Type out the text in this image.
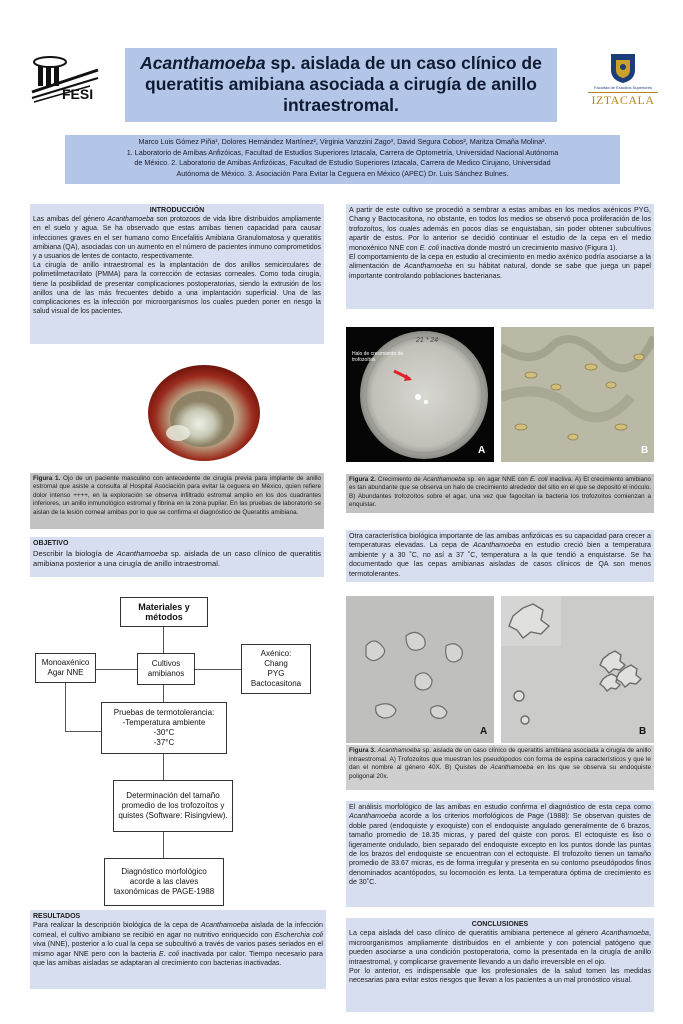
FESI
Acanthamoeba sp. aislada de un caso clínico de
queratitis amibiana asociada a cirugía de anillo
intraestromal.
Facultad de Estudios Superiores
IZTACALA
Marco Luis Gómez Piña¹, Dolores Hernández Martínez², Virginia Vanzzini Zago³, David Segura Cobos², Maritza Omaña Molina².
1. Laboratorio de Amibas Anfizóicas, Facultad de Estudios Superiores Iztacala, Carrera de Optometría, Universidad Nacional Autónoma
de México. 2. Laboratorio de Amibas Anfizóicas, Facultad de Estudio Superiores Iztacala, Carrera de Medico Cirujano, Universidad
Autónoma de México. 3. Asociación Para Evitar la Ceguera en México (APEC) Dr. Luis Sánchez Bulnes.
INTRODUCCIÓN

Las amibas del género Acanthamoeba son protozoos de vida libre distribuidos ampliamente en el suelo y agua. Se ha observado que estas amibas tienen capacidad para causar infecciones graves en el ser humano como Encefalitis Amibiana Granulomatosa y queratitis amibiana (QA), asociadas con un aumento en el número de pacientes inmuno comprometidos y a usuarios de lentes de contacto, respectivamente.

La cirugía de anillo intraestromal es la implantación de dos anillos semicirculares de polimetilmetacrilato (PMMA) para la corrección de ectasias corneales. Como toda cirugía, tiene la posibilidad de presentar complicaciones postoperatorias, siendo la extrusión de los anillos una de las más frecuentes debido a una implantación superficial. Una de las complicaciones es la infección por microorganismos los cuales pueden poner en riesgo la salud visual de los pacientes.

Figura 1. Ojo de un paciente masculino con antecedente de cirugía previa para implante de anillo estromal que asiste a consulta al Hospital Asociación para evitar la ceguera en México, quien refiere dolor intenso ++++, en la exploración se observa infiltrado estromal amplio en los dos cuadrantes inferiores, un anillo inmunológico estromal y fibrina en la zona pupilar. En las pruebas de laboratorio se aislan de la lesión corneal amibas por lo que se confirma el diagnóstico de Queratitis amibiana.
OBJETIVO

Describir la biología de Acanthamoeba sp. aislada de un caso clínico de queratitis amibiana posterior a una cirugía de anillo intraestromal.

Materiales y métodos
Cultivos amibianos
Monoaxénico Agar NNE
Axénico:
Chang
PYG
Bactocasitona
Pruebas de termotolerancia:
-Temperatura ambiente
-30°C
-37°C
Determinación del tamaño promedio de los trofozoítos y quistes (Software: Risingview).
Diagnóstico morfológico acorde a las claves taxonómicas de PAGE-1988
RESULTADOS

Para realizar la descripción biológica de la cepa de Acanthamoeba aislada de la infección corneal, el cultivo amibiano se recibió en agar no nutritivo enriquecido con Escherchia coli viva (NNE), posterior a lo cual la cepa se subcultivó a través de varios pases seriados en el mismo agar NNE pero con la bacteria E. coli inactivada por calor. Tiempo necesario para que las amibas aisladas se adaptaran al crecimiento con bacterias inactivadas.

A partir de este cultivo se procedió a sembrar a estas amibas en los medios axénicos PYG, Chang y Bactocasitona, no obstante, en todos los medios se observó poca proliferación de los trofozoítos, los cuales además en pocos días se enquistaban, sin poder obtener subcultivos apartir de estos. Por lo anterior se decidió continuar el estudio de la cepa en el medio monoxénico NNE con E. coli inactiva donde mostró un crecimiento masivo (Figura 1).

El comportamiento de la cepa en estudio al crecimiento en medio axénico podría asociarse a la alimentación de Acanthamoeba en su hábitat natural, donde se sabe que juega un papel importante controlando poblaciones bacterianas.

Halo de crecimiento de trofozoítos
21 * 24
A	B
Figura 2. Crecimiento de Acanthamoeba sp. en agar NNE con E. coli inactiva. A) El crecimiento amibiano es tan abundante que se observa un halo de crecimiento alrededor del sitio en el que se depositó el inóculo. B) Abundantes trofozoítos sobre el agar, una vez que fagocitan la bacteria los trofozoítos comienzan a enquistar.

Otra característica biológica importante de las amibas anfizóicas es su capacidad para crecer a temperaturas elevadas. La cepa de Acanthamoeba en estudio creció bien a temperatura ambiente y a 30 ˚C, no así a 37 ˚C, temperatura a la que tendió a enquistarse. Se ha documentado que las cepas amibianas aisladas de casos clínicos de QA son menos termotolerantes.

A	B
Figura 3. Acanthamoeba sp. aislada de un caso clínico de queratitis amibiana asociada a cirugía de anillo intraestromal. A) Trofozoítos que muestran los pseudópodos con forma de espina característicos y que le dan el nombre al género 40X. B) Quistes de Acanthamoeba en los que se observa su endoquiste poligonal 20x.

El análisis morfológico de las amibas en estudio confirma el diagnóstico de esta cepa como Acanthamoeba acorde a los criterios morfológicos de Page (1988): Se observan quistes de doble pared (endoquiste y exoquiste) con el endoquiste angulado generalmente de 6 brazos, tamaño promedio de 18.35 micras, y pared del quiste con poros. El ectoquiste es liso o ligeramente ondulado, bien separado del endoquiste excepto en los puntos donde las puntas de los brazos del endoquiste se encuentran con el ectoquiste. El trofozoíto tienen un tamaño promedio de 33.67 micras, es de forma irregular y presenta en su contorno pseudópodos finos denominados acantópodos, su locomoción es lenta. La temperatura óptima de crecimiento es de 30˚C.

CONCLUSIONES

La cepa aislada del caso clínico de queratitis amibiana pertenece al género Acanthamoeba, microorganismos ampliamente distribuidos en el ambiente y con potencial patógeno que pueden asociarse a una condición postoperatoria, como la presentada en la cirugía de anillo intraestromal, y complicarse gravemente llevando a un daño irreversible en el ojo.

Por lo anterior, es indispensable que los profesionales de la salud tomen las medidas necesarias para evitar estos riesgos que llevan a los pacientes a un mal pronóstico visual.
